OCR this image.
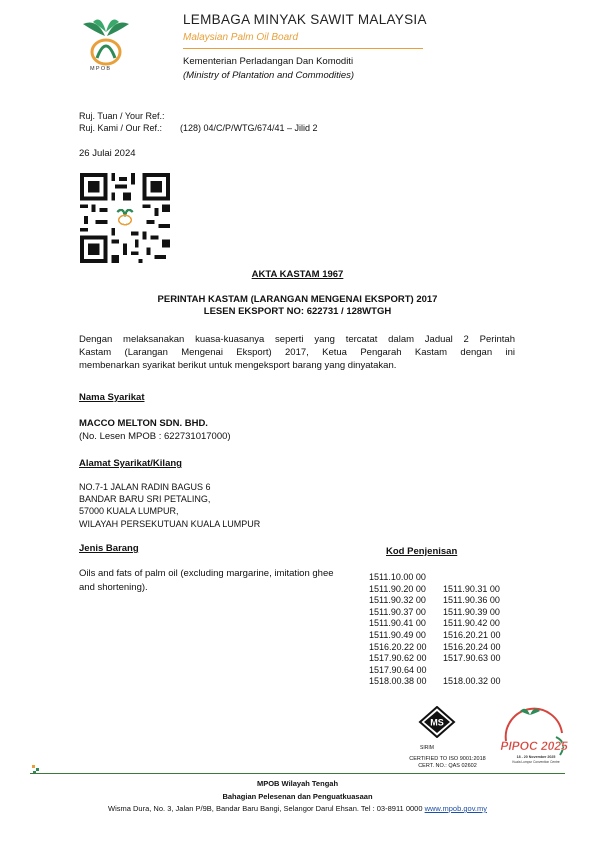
MPOB
LEMBAGA MINYAK SAWIT MALAYSIA
Malaysian Palm Oil Board
Kementerian Perladangan Dan Komoditi
(Ministry of Plantation and Commodities)
Ruj. Tuan / Your Ref.:
Ruj. Kami / Our Ref.: (128) 04/C/P/WTG/674/41 – Jilid 2
26 Julai 2024
AKTA KASTAM 1967
PERINTAH KASTAM (LARANGAN MENGENAI EKSPORT) 2017
LESEN EKSPORT NO: 622731 / 128WTGH
Dengan melaksanakan kuasa-kuasanya seperti yang tercatat dalam Jadual 2 Perintah
Kastam (Larangan Mengenai Eksport) 2017, Ketua Pengarah Kastam dengan ini
membenarkan syarikat berikut untuk mengeksport barang yang dinyatakan.
Nama Syarikat
MACCO MELTON SDN. BHD.
(No. Lesen MPOB : 622731017000)
Alamat Syarikat/Kilang
NO.7-1 JALAN RADIN BAGUS 6
BANDAR BARU SRI PETALING,
57000 KUALA LUMPUR,
WILAYAH PERSEKUTUAN KUALA LUMPUR
Jenis Barang
Oils and fats of palm oil (excluding margarine, imitation ghee and shortening).
Kod Penjenisan
1511.10.00 00
1511.90.20 00 1511.90.31 00
1511.90.32 00 1511.90.36 00
1511.90.37 00 1511.90.39 00
1511.90.41 00 1511.90.42 00
1511.90.49 00 1516.20.21 00
1516.20.22 00 1516.20.24 00
1517.90.62 00 1517.90.63 00
1517.90.64 00
1518.00.38 00 1518.00.32 00
MS
SIRIM
CERTIFIED TO ISO 9001:2018
CERT. NO.: QAS 02602
PIPOC 2025
18 - 20 November 2025
Kuala Lumpur Convention Centre
MPOB Wilayah Tengah
Bahagian Pelesenan dan Penguatkuasaan
Wisma Dura, No. 3, Jalan P/9B, Bandar Baru Bangi, Selangor Darul Ehsan. Tel : 03-8911 0000 www.mpob.gov.my
